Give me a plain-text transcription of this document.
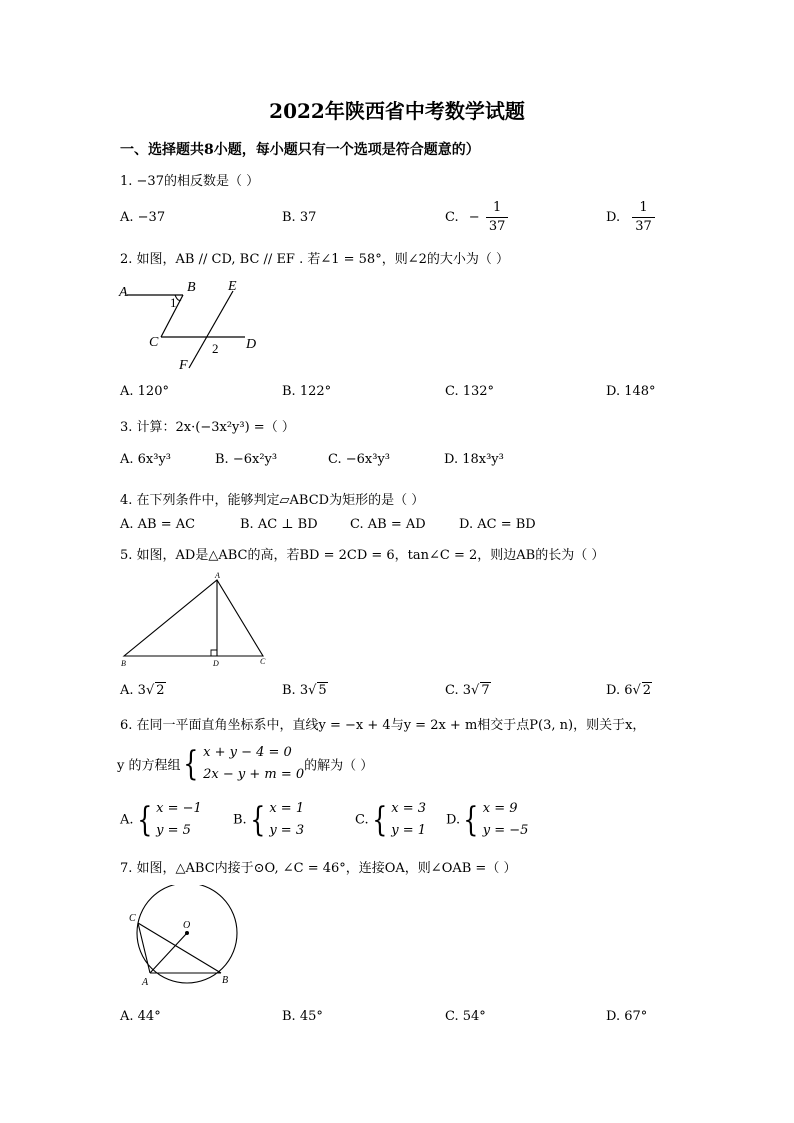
2022年陕西省中考数学试题
一、选择题共8小题，每小题只有一个选项是符合题意的）
1. −37的相反数是（ ）
A. −37	B. 37	C. − $\frac{1}{37}$	D. $\frac{1}{37}$
2. 如图，AB // CD, BC // EF . 若∠1 = 58°，则∠2的大小为（ ）
A	B E
1
C	2 D
F
A. 120°	B. 122°	C. 132°	D. 148°
3. 计算：2x·(−3x²y³) =（ ）
A. 6x³y³	B. −6x²y³	C. −6x³y³	D. 18x³y³
4. 在下列条件中，能够判定▱ABCD为矩形的是（ ）
A. AB = AC	B. AC ⊥ BD C. AB = AD	D. AC = BD
5. 如图，AD是△ABC的高，若BD = 2CD = 6，tan∠C = 2，则边AB的长为（ ）
A
B	D	C
A. 3√ 2	B. 3√ 5	C. 3√ 7	D. 6√ 2
6. 在同一平面直角坐标系中，直线y = −x + 4与y = 2x + m相交于点P(3, n)，则关于x，
y 的方程组{ x + y − 4 = 0
2x − y + m = 0
的解为（ ）
A.{ x = −1
y = 5
B.{ x = 1
y = 3
C.{ x = 3
y = 1
D.{ x = 9
y = −5
7. 如图，△ABC内接于⊙O, ∠C = 46°，连接OA，则∠OAB =（ ）
C
O
A	B
A. 44°	B. 45°	C. 54°	D. 67°
